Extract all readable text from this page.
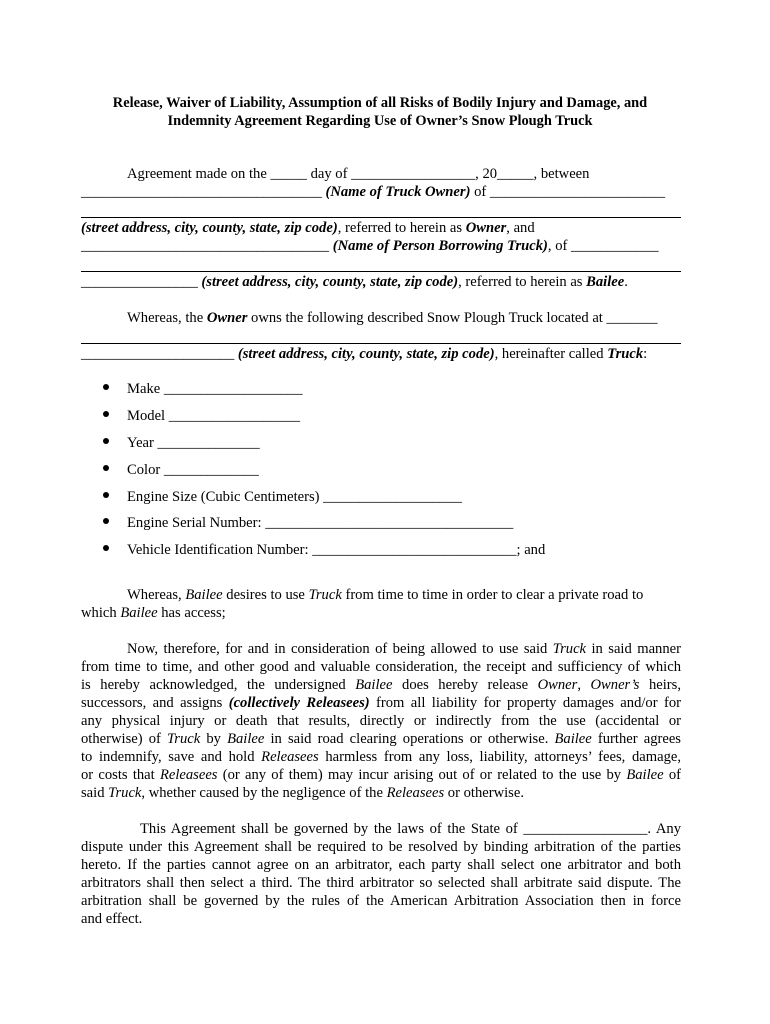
Release, Waiver of Liability, Assumption of all Risks of Bodily Injury and Damage, and
Indemnity Agreement Regarding Use of Owner’s Snow Plough Truck
Agreement made on the _____ day of _________________, 20_____, between
_________________________________ (Name of Truck Owner) of ________________________
(street address, city, county, state, zip code), referred to herein as Owner, and
__________________________________ (Name of Person Borrowing Truck), of ____________
________________ (street address, city, county, state, zip code), referred to herein as Bailee.
Whereas, the Owner owns the following described Snow Plough Truck located at _______
_____________________ (street address, city, county, state, zip code), hereinafter called Truck:
Make ___________________
Model __________________
Year ______________
Color _____________
Engine Size (Cubic Centimeters) ___________________
Engine Serial Number: __________________________________
Vehicle Identification Number: ____________________________; and
Whereas, Bailee desires to use Truck from time to time in order to clear a private road to
which Bailee has access;
Now, therefore, for and in consideration of being allowed to use said Truck in said manner
from time to time, and other good and valuable consideration, the receipt and sufficiency of which
is hereby acknowledged, the undersigned Bailee does hereby release Owner, Owner’s heirs,
successors, and assigns (collectively Releasees) from all liability for property damages and/or for
any physical injury or death that results, directly or indirectly from the use (accidental or
otherwise) of Truck by Bailee in said road clearing operations or otherwise. Bailee further agrees
to indemnify, save and hold Releasees harmless from any loss, liability, attorneys’ fees, damage,
or costs that Releasees (or any of them) may incur arising out of or related to the use by Bailee of
said Truck, whether caused by the negligence of the Releasees or otherwise.
This Agreement shall be governed by the laws of the State of _________________. Any
dispute under this Agreement shall be required to be resolved by binding arbitration of the parties
hereto. If the parties cannot agree on an arbitrator, each party shall select one arbitrator and both
arbitrators shall then select a third. The third arbitrator so selected shall arbitrate said dispute. The
arbitration shall be governed by the rules of the American Arbitration Association then in force
and effect.
